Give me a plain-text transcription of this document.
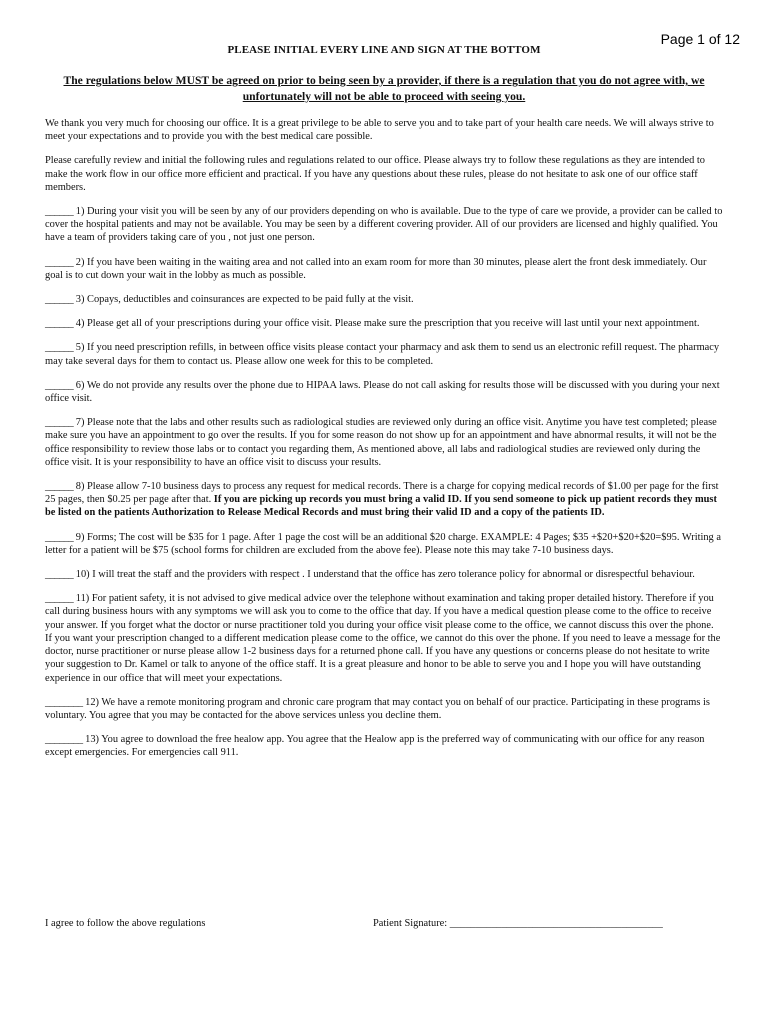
Page 1 of 12
PLEASE INITIAL EVERY LINE AND SIGN AT THE BOTTOM
The regulations below MUST be agreed on prior to being seen by a provider, if there is a regulation that you do not agree with, we unfortunately will not be able to proceed with seeing you.

We thank you very much for choosing our office. It is a great privilege to be able to serve you and to take part of your health care needs. We will always strive to meet your expectations and to provide you with the best medical care possible.

Please carefully review and initial the following rules and regulations related to our office. Please always try to follow these regulations as they are intended to make the work flow in our office more efficient and practical. If you have any questions about these rules, please do not hesitate to ask one of our office staff members.

______ 1) During your visit you will be seen by any of our providers depending on who is available. Due to the type of care we provide, a provider can be called to cover the hospital patients and may not be available. You may be seen by a different covering provider. All of our providers are licensed and highly qualified. You have a team of providers taking care of you , not just one person.

______ 2) If you have been waiting in the waiting area and not called into an exam room for more than 30 minutes, please alert the front desk immediately. Our goal is to cut down your wait in the lobby as much as possible.

______ 3) Copays, deductibles and coinsurances are expected to be paid fully at the visit.

______ 4) Please get all of your prescriptions during your office visit. Please make sure the prescription that you receive will last until your next appointment.

______ 5) If you need prescription refills, in between office visits please contact your pharmacy and ask them to send us an electronic refill request. The pharmacy may take several days for them to contact us. Please allow one week for this to be completed.

______ 6) We do not provide any results over the phone due to HIPAA laws. Please do not call asking for results those will be discussed with you during your next office visit.

______ 7) Please note that the labs and other results such as radiological studies are reviewed only during an office visit. Anytime you have test completed; please make sure you have an appointment to go over the results. If you for some reason do not show up for an appointment and have abnormal results, it will not be the office responsibility to review those labs or to contact you regarding them, As mentioned above, all labs and radiological studies are reviewed only during the office visit. It is your responsibility to have an office visit to discuss your results.

______ 8) Please allow 7-10 business days to process any request for medical records. There is a charge for copying medical records of $1.00 per page for the first 25 pages, then $0.25 per page after that. If you are picking up records you must bring a valid ID. If you send someone to pick up patient records they must be listed on the patients Authorization to Release Medical Records and must bring their valid ID and a copy of the patients ID.

______ 9) Forms; The cost will be $35 for 1 page. After 1 page the cost will be an additional $20 charge. EXAMPLE: 4 Pages; $35 +$20+$20+$20=$95. Writing a letter for a patient will be $75 (school forms for children are excluded from the above fee). Please note this may take 7-10 business days.

______ 10) I will treat the staff and the providers with respect . I understand that the office has zero tolerance policy for abnormal or disrespectful behaviour.

______ 11) For patient safety, it is not advised to give medical advice over the telephone without examination and taking proper detailed history. Therefore if you call during business hours with any symptoms we will ask you to come to the office that day. If you have a medical question please come to the office to receive your answer. If you forget what the doctor or nurse practitioner told you during your office visit please come to the office, we cannot discuss this over the phone. If you want your prescription changed to a different medication please come to the office, we cannot do this over the phone. If you need to leave a message for the doctor, nurse practitioner or nurse please allow 1-2 business days for a returned phone call. If you have any questions or concerns please do not hesitate to write your suggestion to Dr. Kamel or talk to anyone of the office staff. It is a great pleasure and honor to be able to serve you and I hope you will have outstanding experience in our office that will meet your expectations.

________ 12) We have a remote monitoring program and chronic care program that may contact you on behalf of our practice. Participating in these programs is voluntary. You agree that you may be contacted for the above services unless you decline them.

________ 13) You agree to download the free healow app. You agree that the Healow app is the preferred way of communicating with our office for any reason except emergencies. For emergencies call 911.

I agree to follow the above regulations	Patient Signature: _________________________________________
